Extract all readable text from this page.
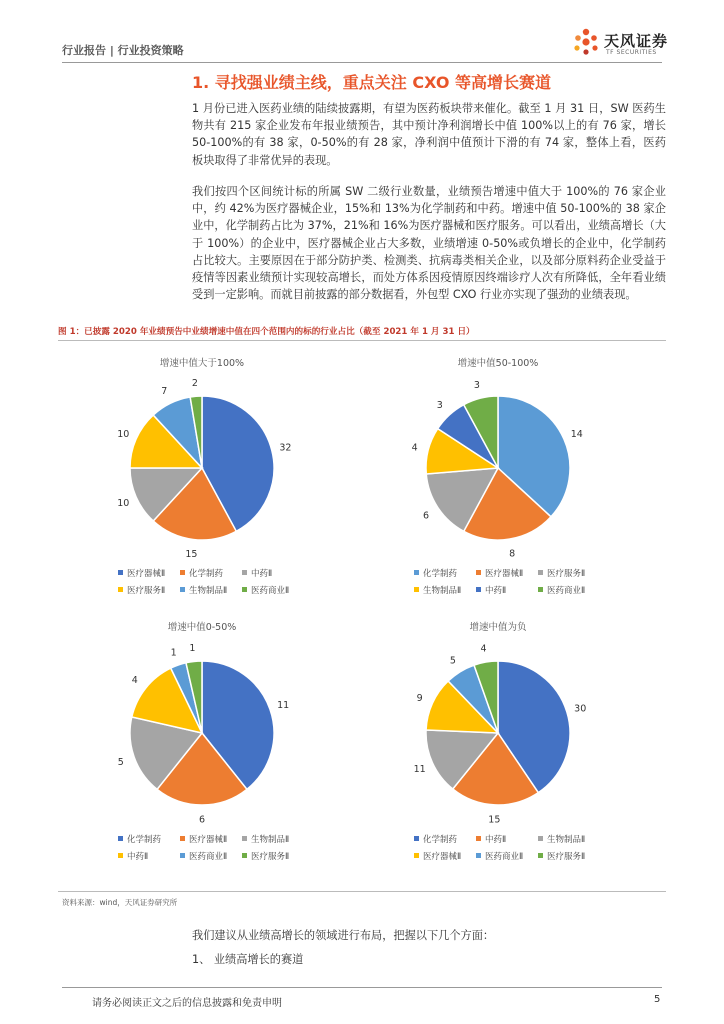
行业报告 | 行业投资策略
天风证券
TF SECURITIES
1. 寻找强业绩主线，重点关注 CXO 等高增长赛道

1 月份已进入医药业绩的陆续披露期，有望为医药板块带来催化。截至 1 月 31 日，SW 医药生物共有 215 家企业发布年报业绩预告，其中预计净利润增长中值 100%以上的有 76 家，增长 50-100%的有 38 家，0-50%的有 28 家，净利润中值预计下滑的有 74 家，整体上看，医药板块取得了非常优异的表现。

我们按四个区间统计标的所属 SW 二级行业数量，业绩预告增速中值大于 100%的 76 家企业中，约 42%为医疗器械企业，15%和 13%为化学制药和中药。增速中值 50-100%的 38 家企业中，化学制药占比为 37%，21%和 16%为医疗器械和医疗服务。可以看出，业绩高增长（大于 100%）的企业中，医疗器械企业占大多数，业绩增速 0-50%或负增长的企业中，化学制药占比较大。主要原因在于部分防护类、检测类、抗病毒类相关企业，以及部分原料药企业受益于疫情等因素业绩预计实现较高增长，而处方体系因疫情原因终端诊疗人次有所降低，全年看业绩受到一定影响。而就目前披露的部分数据看，外包型 CXO 行业亦实现了强劲的业绩表现。

图 1：已披露 2020 年业绩预告中业绩增速中值在四个范围内的标的行业占比（截至 2021 年 1 月 31 日）
增速中值大于100%
32
15
10
10
7
2
医疗器械Ⅱ	化学制药	中药Ⅱ
医疗服务Ⅱ	生物制品Ⅱ	医药商业Ⅱ
增速中值50-100%
14
8
6
4
3
3
化学制药	医疗器械Ⅱ	医疗服务Ⅱ
生物制品Ⅱ	中药Ⅱ	医药商业Ⅱ
增速中值0-50%
11
6
5
4
1 1
化学制药	医疗器械Ⅱ	生物制品Ⅱ
中药Ⅱ	医药商业Ⅱ	医疗服务Ⅱ
增速中值为负
30
15
11
9
5
4
化学制药	中药Ⅱ	生物制品Ⅱ
医疗器械Ⅱ	医药商业Ⅱ	医疗服务Ⅱ
资料来源：wind，天风证券研究所
我们建议从业绩高增长的领域进行布局，把握以下几个方面：
1、 业绩高增长的赛道
请务必阅读正文之后的信息披露和免责申明	5
